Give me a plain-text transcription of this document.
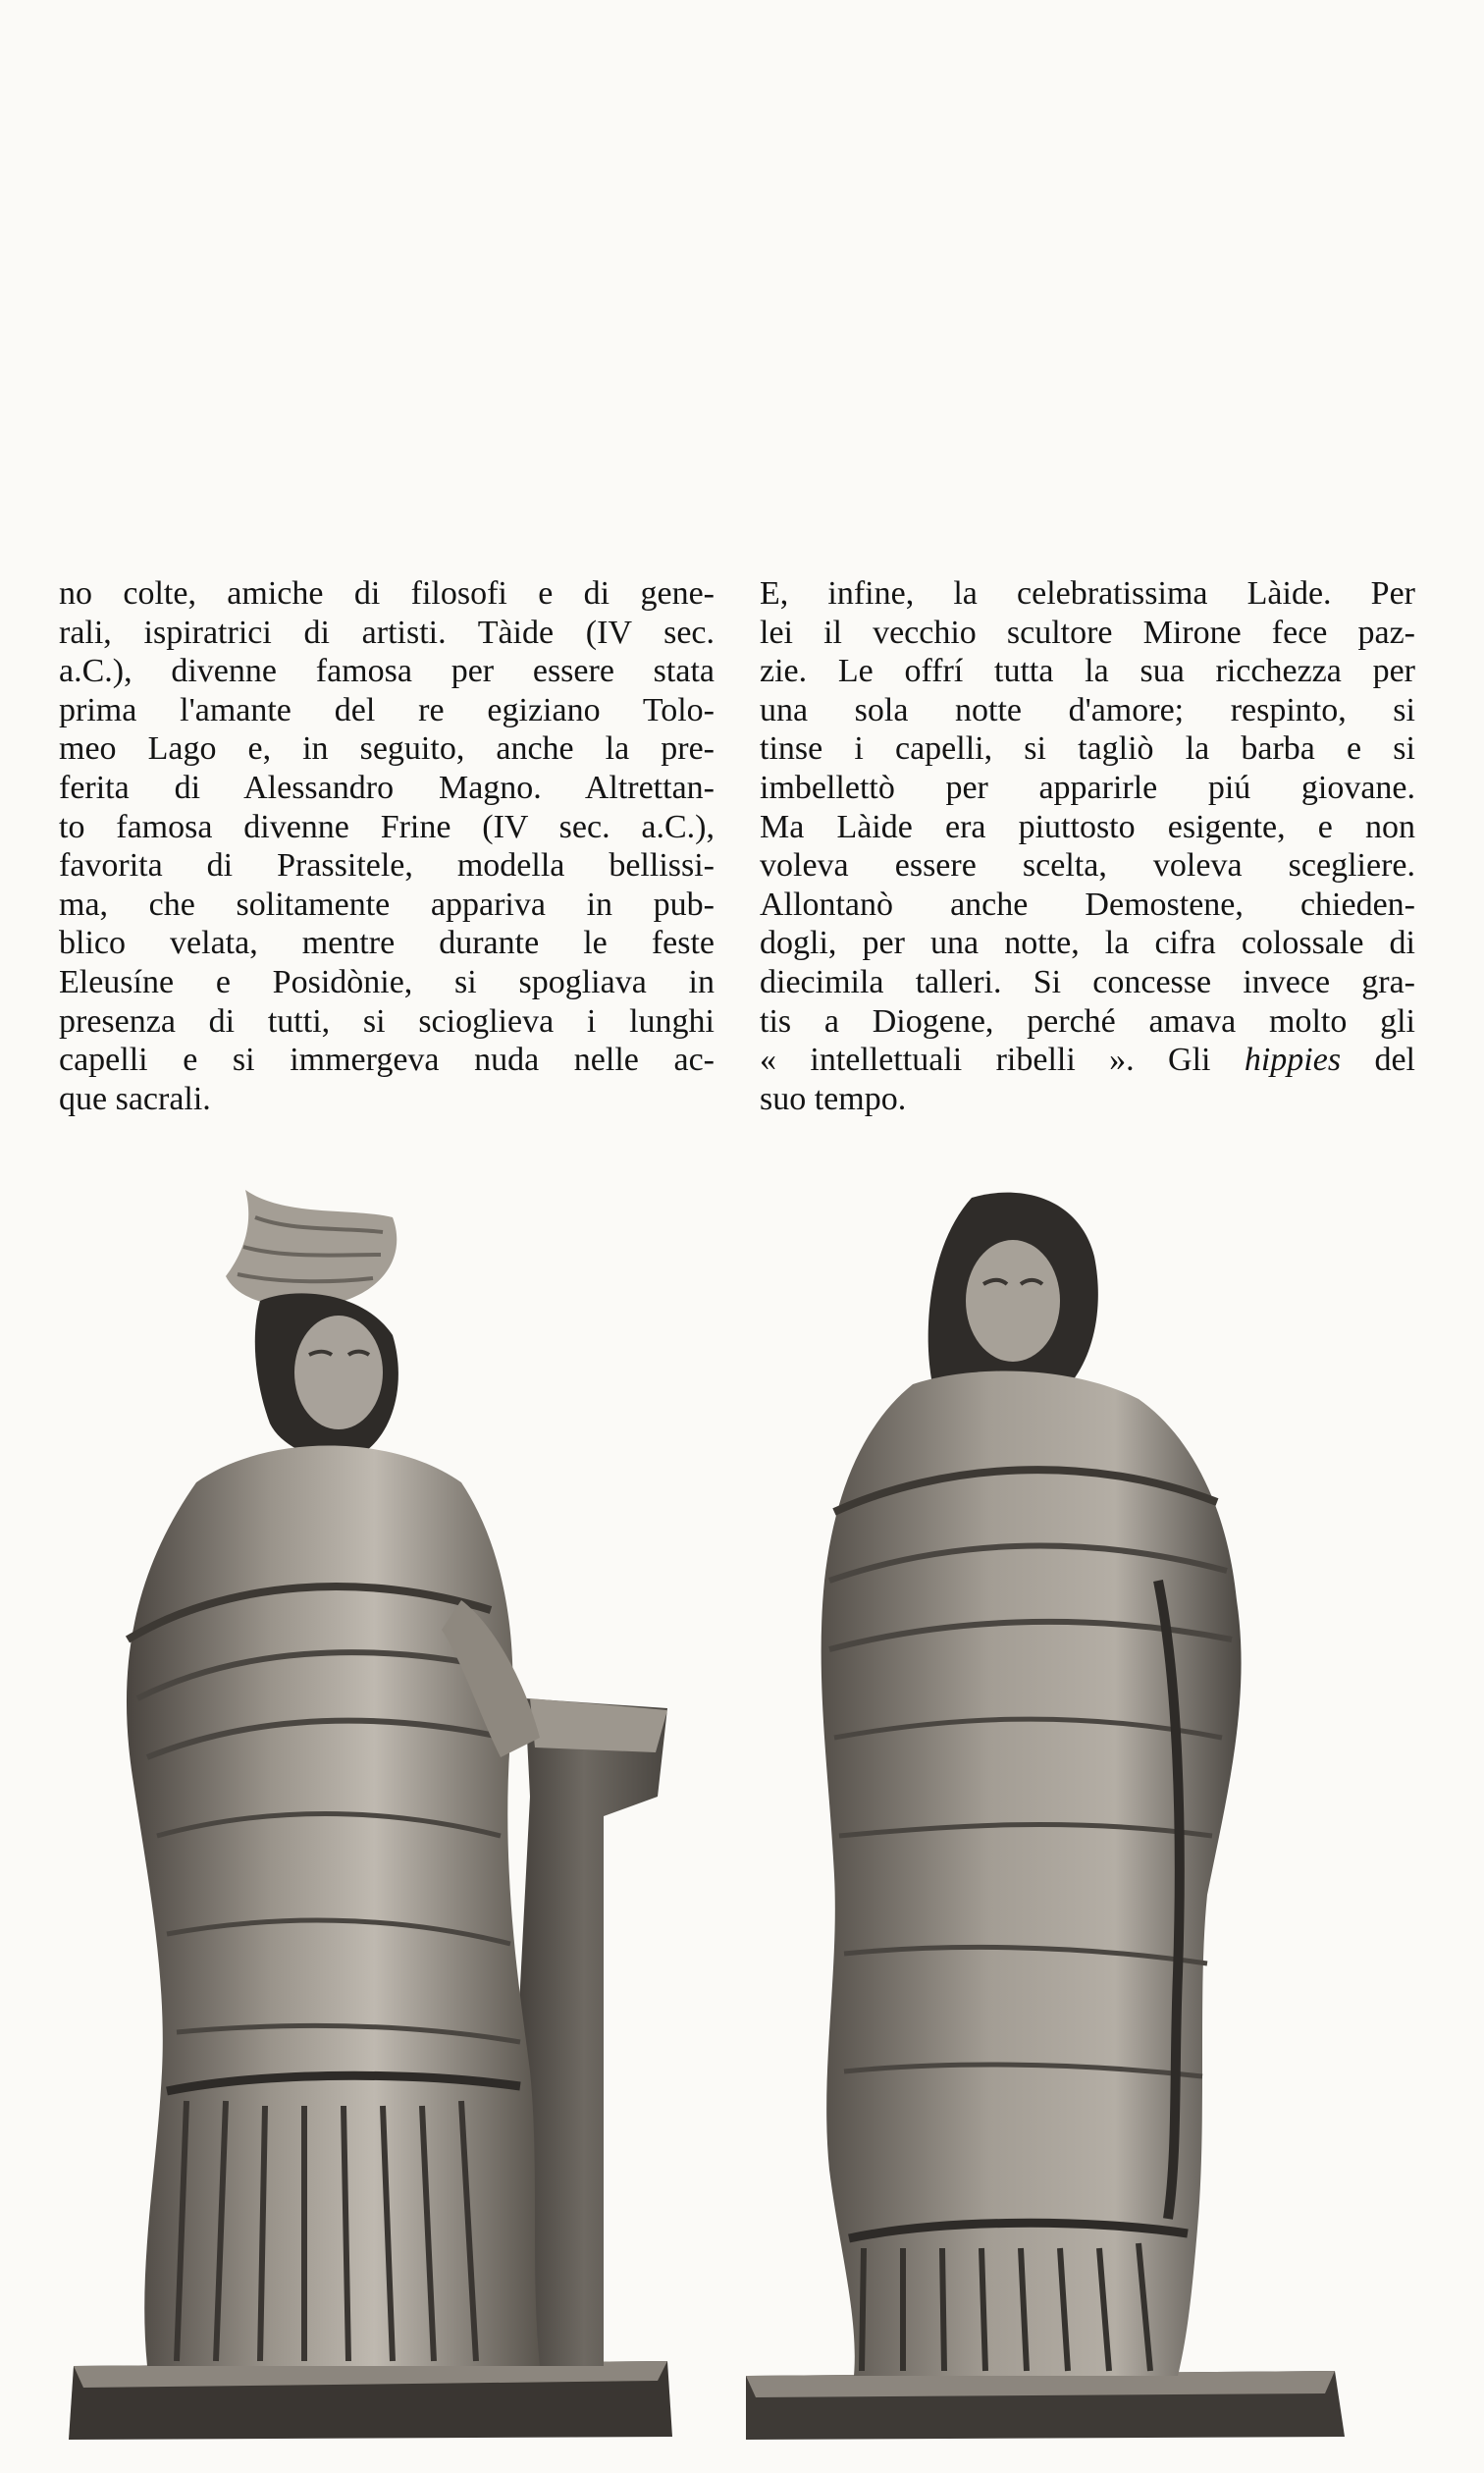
no colte, amiche di filosofi e di gene-
rali, ispiratrici di artisti. Tàide (IV sec.
a.C.), divenne famosa per essere stata
prima l'amante del re egiziano Tolo-
meo Lago e, in seguito, anche la pre-
ferita di Alessandro Magno. Altrettan-
to famosa divenne Frine (IV sec. a.C.),
favorita di Prassitele, modella bellissi-
ma, che solitamente appariva in pub-
blico velata, mentre durante le feste
Eleusíne e Posidònie, si spogliava in
presenza di tutti, si scioglieva i lunghi
capelli e si immergeva nuda nelle ac-
que sacrali.
E, infine, la celebratissima Làide. Per
lei il vecchio scultore Mirone fece paz-
zie. Le offrí tutta la sua ricchezza per
una sola notte d'amore; respinto, si
tinse i capelli, si tagliò la barba e si
imbellettò per apparirle piú giovane.
Ma Làide era piuttosto esigente, e non
voleva essere scelta, voleva scegliere.
Allontanò anche Demostene, chieden-
dogli, per una notte, la cifra colossale di
diecimila talleri. Si concesse invece gra-
tis a Diogene, perché amava molto gli
« intellettuali ribelli ». Gli hippies del
suo tempo.
